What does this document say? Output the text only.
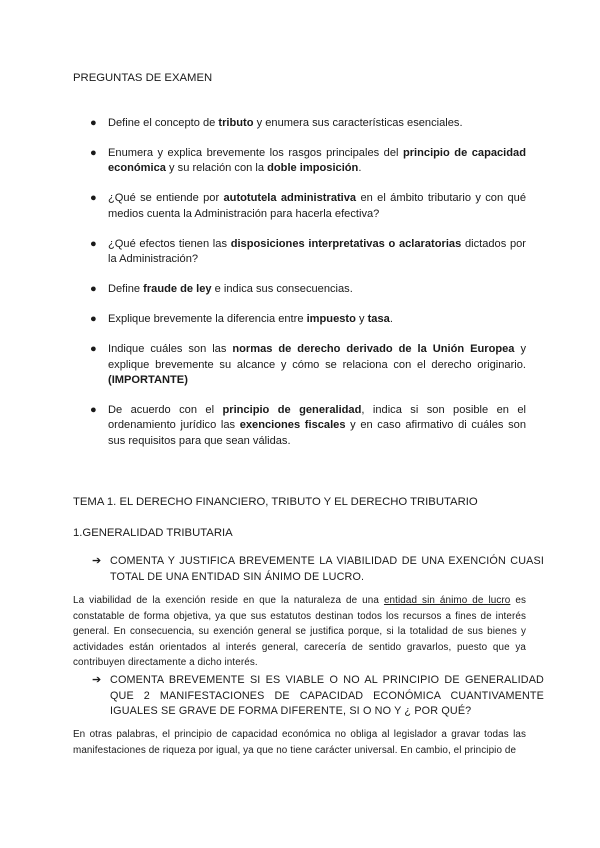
PREGUNTAS DE EXAMEN
● Define el concepto de tributo y enumera sus características esenciales.
● Enumera y explica brevemente los rasgos principales del principio de capacidad económica y su relación con la doble imposición.
● ¿Qué se entiende por autotutela administrativa en el ámbito tributario y con qué medios cuenta la Administración para hacerla efectiva?
● ¿Qué efectos tienen las disposiciones interpretativas o aclaratorias dictados por la Administración?
● Define fraude de ley e indica sus consecuencias.
● Explique brevemente la diferencia entre impuesto y tasa.
● Indique cuáles son las normas de derecho derivado de la Unión Europea y explique brevemente su alcance y cómo se relaciona con el derecho originario. (IMPORTANTE)
● De acuerdo con el principio de generalidad, indica si son posible en el ordenamiento jurídico las exenciones fiscales y en caso afirmativo di cuáles son sus requisitos para que sean válidas.
TEMA 1. EL DERECHO FINANCIERO, TRIBUTO Y EL DERECHO TRIBUTARIO
1.GENERALIDAD TRIBUTARIA
➔ COMENTA Y JUSTIFICA BREVEMENTE LA VIABILIDAD DE UNA EXENCIÓN CUASI TOTAL DE UNA ENTIDAD SIN ÁNIMO DE LUCRO.
La viabilidad de la exención reside en que la naturaleza de una entidad sin ánimo de lucro es constatable de forma objetiva, ya que sus estatutos destinan todos los recursos a fines de interés general. En consecuencia, su exención general se justifica porque, si la totalidad de sus bienes y actividades están orientados al interés general, carecería de sentido gravarlos, puesto que ya contribuyen directamente a dicho interés.
➔ COMENTA BREVEMENTE SI ES VIABLE O NO AL PRINCIPIO DE GENERALIDAD QUE 2 MANIFESTACIONES DE CAPACIDAD ECONÓMICA CUANTIVAMENTE IGUALES SE GRAVE DE FORMA DIFERENTE, SI O NO Y ¿ POR QUÉ?
En otras palabras, el principio de capacidad económica no obliga al legislador a gravar todas las manifestaciones de riqueza por igual, ya que no tiene carácter universal. En cambio, el principio de
